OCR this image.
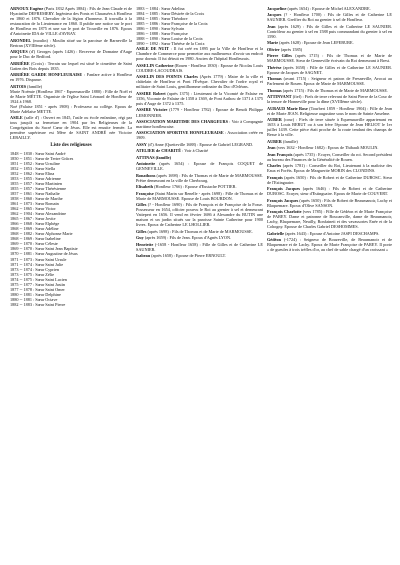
ARNOUX Eugène (Paris 1832 Après 1884) : Fils de Jean Claude et de Hyacinthe DEFREMERY. Ingénieur des Ponts et Chaussées à Honfleur en 1860 et 1876. Chevalier de la légion d'honneur. Il travailla à la restauration de la Lieutenance en 1860. Il publie une notice sur le port de Honfleur en 1875 et une sur le port de Trouville en 1876. Epoux d'Antoinette IDA de VILLE d'AVRAY.
ARONDEL (moulin) : Moulin situé sur la paroisse de Barneville la Bertran (XVIIIème siècle).
ARQUES (d') Georges (après 1426) : Receveur de Domaine d'Auge pour le Duc de Bedford.
ARRIÈRE (Croix) : Terrain sur lequel est situé le cimetière de Saint Gatien des Bois depuis 1835.
ARRIÈRE GARDE HONFLEURAISE : Fanfare active à Honfleur en 1976. Disparue.
ARTOIS (famille)
Marie Noémie (Honfleur 1867 - Equemauville 1880) : Fille de Noël et de Marie MÉTTE. Organiste de l'église Saint Léonard de Honfleur de 1924 à 1968.
Noé (Falaise 1851 - après 1908) : Professeur au collège. Epoux de Marie Adèlaïse METTE.
ASILE (salle d') : Ouvert en 1845, l'asile ou école enfantine, régi par tous jusqu'à sa fermeture en 1904 par les Religieuses de la Congrégation du Sacré Cœur de Jésus. Elle est ensuite fermée. La première supérieure est Mère de SAINT ANDRÉ née Victoire LEBAILLY.
Liste des religieuses
1848 -- 1830 : Sœur Saint André
1850 -- 1851 : Sœur de Tertre Grâces
1851 -- 1852 : Sœur Ursuline
1852 -- 1853 : Sœur Stella
1852 -- 1862 : Sœur Elina
1853 -- 1855 : Sœur Adrienne
1855 -- 1857 : Sœur Martinien
1855 -- 1857 : Sœur Thérésienne
1857 -- 1861 : Sœur Nathalie
1858 -- 1860 : Sœur de Marthe
1861 -- 1873 : Sœur Romain
1862 -- 1865 : Sœur Victor
1862 -- 1904 : Sœur Alexandrine
1865 -- 1867 : Sœur Jovite
1866 -- 1868 : Sœur Elphège
1868 -- 1869 : Sœur Adéline
1868 -- 1882 : Sœur Alphonse Marie
1868 -- 1869 : Sœur Isabeline
1869 -- 1870 : Sœur Céleste
1869 -- 1870 : Sœur Saint Jean Baptiste
1870 -- 1881 : Sœur Augustine de Jésus
1871 -- 1873 : Sœur Saint Ursule
1871 -- 1874 : Sœur Saint Julie
1873 -- 1874 : Sœur Cyprien
1873 -- 1875 : Sœur Zélie
1874 -- 1875 : Sœur Saint Lucien
1875 -- 1877 : Sœur Saint Justin
1877 -- 1878 : Sœur Saint Omer
1880 -- 1881 : Sœur Delphine
1880 -- 1881 : Sœur Octave
1882 -- 1883 : Sœur Saint Pierre
1883 -- 1884 : Sœur Adelina
1884 -- 1885 : Sœur Désirée de la Croix
1884 -- 1885 : Sœur Théodore
1885 -- 1886 : Sœur Françoise de la Croix
1886 -- 1890 : Sœur Sylvain
1886 -- 1888 : Sœur Françoise
1888 -- 1890 : Sœur Louise de la Croix
1890 -- 1892 : Sœur Thérèse de la Croix
ASILE DE NUIT : Il fut créé en 1895 par la Ville de Honfleur et la Chambre de Commerce pour permettre aux malheureux d'avoir un endroit pour dormir. Il fut détruit en 1980. Ancien de l'hôpital Honfleurais.
ASSELIN Catherine (Rouen - Honfleur 1830) : Epouse de Nicolas Louis COUDRE-LACOUDRAIS.
ASSELIN DES POINTS Charles (Après 1779) : Maire de la ville et châtelain de Honfleur et Pont l'Évêque. Chevalier de l'ordre royal et militaire de Saint Louis, gentilhomme ordinaire du Duc d'Orléans.
ASSIRE Robert (après 1375) : Lieutenant de la Vicomté de Falaise en 1356, Vicomte de Falaise de 1358 à 1369, de Pont Authou de 1371 à 1375 puis d'Auge de 1372 à 1375.
ASSIRE Victoire (1779 - Honfleur 1782) : Epouse de Benoît Philippe LEMONNIER.
ASSOCIATION MARITIME DES CHARGEURS : Voir à Compagnie maritime honfleuraise.
ASSOCIATION SPORTIVE HONFLEURAISE : Association créée en 1909.
ASSY (d') Anne (Quetteville 1688) : Epouse de Gabriel LEGRAND.
ATELIER de CHARITÉ : Voir à Charité
ATTINAS (famille)
Antoinette (après 1654) : Epouse de François COQUET de GENNEVILLE.
Bonathons (après 1698) : Fils de Thomas et de Marie de MARMOUSSE. Prêtre demeurant en la ville de Cherbourg.
Elisabeth (Honfleur 1766) : Epouse d'Eustache POTTIER.
Françoise (Saint Marin sur Renelle - après 1698) : Fille de Thomas et de Marie de MARMOUSSE. Epouse de Louis BOURDON.
Gilles (? - Honfleur 1690) : Fils de François et de Françoise de la Fosse. Possesseur en 1654, officier pourvu le Roi au grenier à sel et demeurant Vattepert en 1656. Il vend en février 1686 à Alexandre du BUTIN une maison et un jardin situés sur la paroisse Sainte Catherine pour 1900 livres. Epoux de Catherine LE LHOLLIER.
Gilles (après 1698) : Fils de Thomas et de Marie de MARMOUSSE.
Guy (après 1659) : Fils de Jean. Epoux d'Agnès LYON.
Henriette (-1658 - Honfleur 1658) : Fille de Gilles et de Catherine LE SAUNIER.
Isabeau (après 1658) : Epouse de Pierre ERNOULT.
Jacqueline (après 1654) : Epouse de Michel ALEXANDRE.
Jacques (? - Honfleur 1700) : Fils de Gilles et de Catherine LE SAUNIER. Greffier du Roi au grenier à sel de Honfleur.
Jean (après 1629) : Fils de Gilles et de Catherine LE SAUNIER. Contrôleur au grenier à sel en 1588 puis commandant du grenier à sel en 1590.
Marie (après 1628) : Epouse de Jean LEFEBURE.
Olivier (après 1585)
Pierre Gilles (après 1715) : Fils de Thomas et de Marie de MARMOUSSE. Sieur de Genneville écrivain du Roi demeurant à Brest.
Thérèse (après 1658) : Fille de Gilles et de Catherine LE SAUNIER. Epouse de Jacques de SAGNET.
Thomas (avant 1715) : Seigneur et patron de Fresneville, Avocat au Parlement de Rouen. Epoux de Marie de MARMOUSSE.
Thomas (après 1715) : Fils de Thomas et de Marie de MARMOUSSE.
ATTINVANT (fief) : Fiefs de terre relevant de Saint Pierre de la Cour de la tenure de Honneville pour la dîme (XVIIIème siècle).
AUBAUD Marie Rose (Tourbert 1859 - Honfleur 1904) : Fille de Jean et de Marie JEAN. Religieuse augustine sous le nom de Sainte Anselme.
AUBER (cour) : Fiefs de terre située à Equemauville appartenant en 1653 à Louis BERUT ou à son frère l'épouse de Jean HELIOT le 1er juillet 1439. Cette pièce était proche de la route tendant des champs de Besse à la ville.
AUBER (famille)
Jean (vers 1632 - Honfleur 1682) : Epoux de Thibault MOULIN.
Jean François (après 1735) : Ecuyer, Conseiller du roi. Second président au bureau des Finances de la Généralité de Rouen.
Charles (après 1781) : Conseiller du Roi, Lieutenant à la maîtrise des Eaux et Forêts. Epoux de Marguerite MORIN des CLONDINS.
François (après 1650) : Fils de Robert et de Catherine DUBOSC. Sieur de l'Estinguaire.
François Jacques (après 1646) : Fils de Robert et de Catherine DUBOSC. Ecuyer, sieur d'Estinguaire. Epoux de Marie de COUVERT.
François Jacques (après 1650) : Fils de Robert de Beaumanoir, Lachy et Blaquemare. Epoux d'Olive SANSON.
François Charlotte (vers 1785) : Fille de Gédéon et de Marie Françoise de PAREY. Dame et patronne de Boucanville, dame de Beaumanoir, Lachy, Blaquemare, Neuilly, Ronfaineti et des vavassories Enée et de la Cohogny. Epouse de Charles Gabriel DESHOMMES.
Gabrielle (après 1643) : Epouse d'Antoine JASPI DESCHAMPS.
Gédéon (-1724) : Seigneur de Bouzeville, de Beaumanoir et de Blaquemare et de Lachy. Epoux de Marie Françoise de PAREY. Il porte « de gueules à trois trèfles d'or, au chef de sable chargé d'un croissant »
